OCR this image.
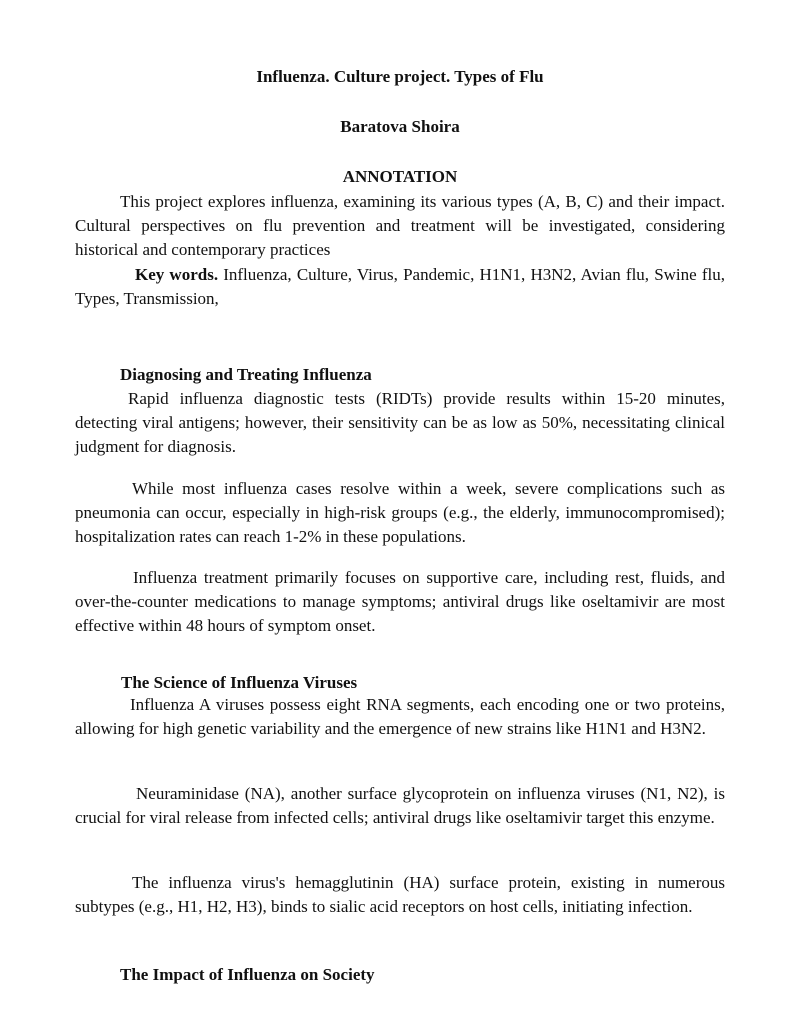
Influenza. Culture project. Types of Flu
Baratova Shoira
ANNOTATION
This project explores influenza, examining its various types (A, B, C) and their impact. Cultural perspectives on flu prevention and treatment will be investigated, considering historical and contemporary practices
Key words. Influenza, Culture, Virus, Pandemic, H1N1, H3N2, Avian flu, Swine flu, Types, Transmission,
Diagnosing and Treating Influenza
Rapid influenza diagnostic tests (RIDTs) provide results within 15-20 minutes, detecting viral antigens; however, their sensitivity can be as low as 50%, necessitating clinical judgment for diagnosis.
While most influenza cases resolve within a week, severe complications such as pneumonia can occur, especially in high-risk groups (e.g., the elderly, immunocompromised); hospitalization rates can reach 1-2% in these populations.
Influenza treatment primarily focuses on supportive care, including rest, fluids, and over-the-counter medications to manage symptoms; antiviral drugs like oseltamivir are most effective within 48 hours of symptom onset.
The Science of Influenza Viruses
Influenza A viruses possess eight RNA segments, each encoding one or two proteins, allowing for high genetic variability and the emergence of new strains like H1N1 and H3N2.
Neuraminidase (NA), another surface glycoprotein on influenza viruses (N1, N2), is crucial for viral release from infected cells; antiviral drugs like oseltamivir target this enzyme.
The influenza virus's hemagglutinin (HA) surface protein, existing in numerous subtypes (e.g., H1, H2, H3), binds to sialic acid receptors on host cells, initiating infection.
The Impact of Influenza on Society
